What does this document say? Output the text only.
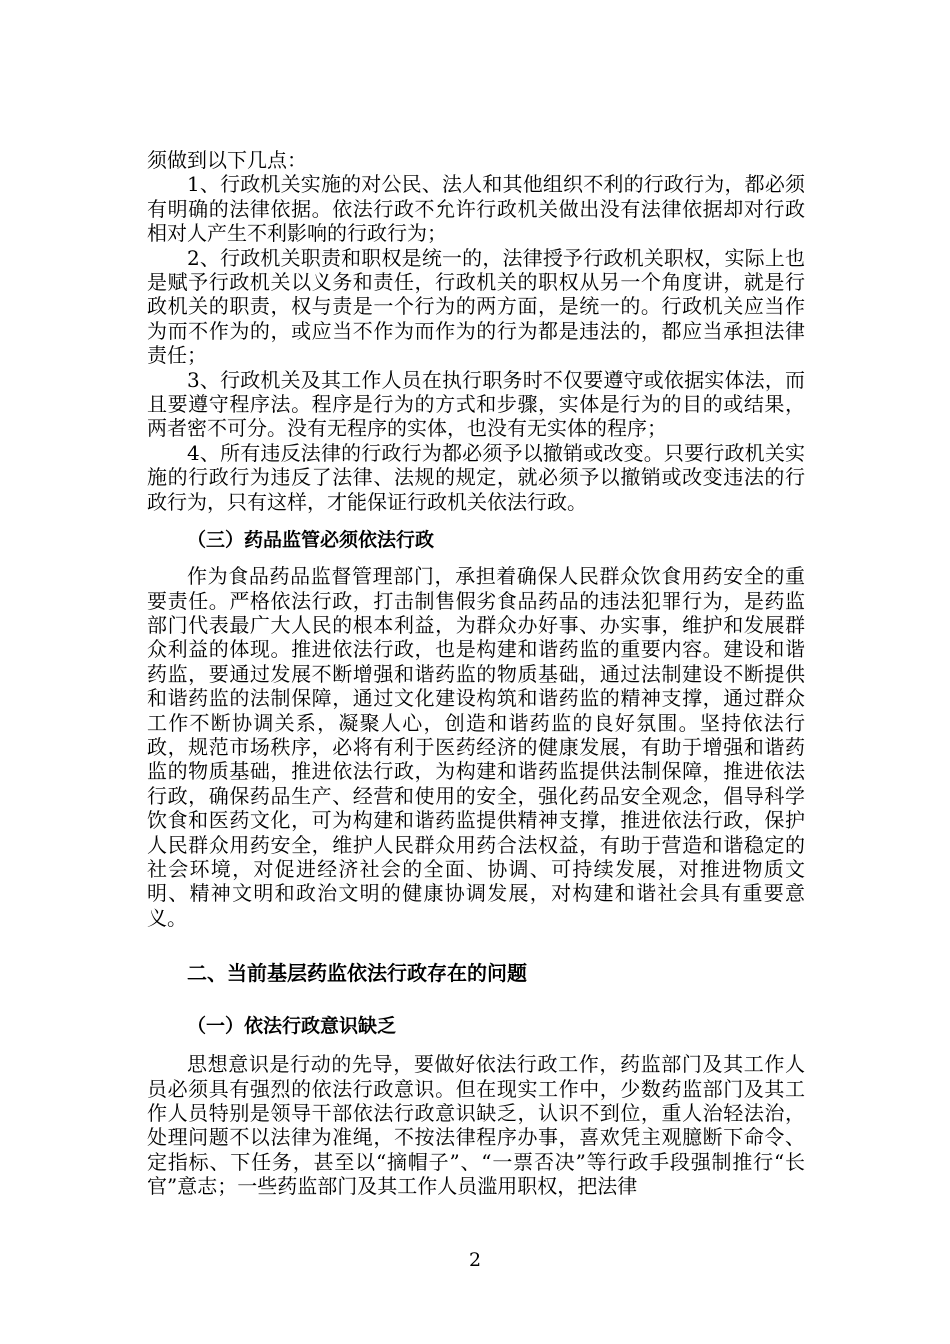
须做到以下几点：

1、行政机关实施的对公民、法人和其他组织不利的行政行为，都必须有明确的法律依据。依法行政不允许行政机关做出没有法律依据却对行政相对人产生不利影响的行政行为；

2、行政机关职责和职权是统一的，法律授予行政机关职权，实际上也是赋予行政机关以义务和责任，行政机关的职权从另一个角度讲，就是行政机关的职责，权与责是一个行为的两方面，是统一的。行政机关应当作为而不作为的，或应当不作为而作为的行为都是违法的，都应当承担法律责任；

3、行政机关及其工作人员在执行职务时不仅要遵守或依据实体法，而且要遵守程序法。程序是行为的方式和步骤，实体是行为的目的或结果，两者密不可分。没有无程序的实体，也没有无实体的程序；

4、所有违反法律的行政行为都必须予以撤销或改变。只要行政机关实施的行政行为违反了法律、法规的规定，就必须予以撤销或改变违法的行政行为，只有这样，才能保证行政机关依法行政。

（三）药品监管必须依法行政

作为食品药品监督管理部门，承担着确保人民群众饮食用药安全的重要责任。严格依法行政，打击制售假劣食品药品的违法犯罪行为，是药监部门代表最广大人民的根本利益，为群众办好事、办实事，维护和发展群众利益的体现。推进依法行政，也是构建和谐药监的重要内容。建设和谐药监，要通过发展不断增强和谐药监的物质基础，通过法制建设不断提供和谐药监的法制保障，通过文化建设构筑和谐药监的精神支撑，通过群众工作不断协调关系，凝聚人心，创造和谐药监的良好氛围。坚持依法行政，规范市场秩序，必将有利于医药经济的健康发展，有助于增强和谐药监的物质基础，推进依法行政，为构建和谐药监提供法制保障，推进依法行政，确保药品生产、经营和使用的安全，强化药品安全观念，倡导科学饮食和医药文化，可为构建和谐药监提供精神支撑，推进依法行政，保护人民群众用药安全，维护人民群众用药合法权益，有助于营造和谐稳定的社会环境，对促进经济社会的全面、协调、可持续发展，对推进物质文明、精神文明和政治文明的健康协调发展，对构建和谐社会具有重要意义。

二、当前基层药监依法行政存在的问题

（一）依法行政意识缺乏

思想意识是行动的先导，要做好依法行政工作，药监部门及其工作人员必须具有强烈的依法行政意识。但在现实工作中，少数药监部门及其工作人员特别是领导干部依法行政意识缺乏，认识不到位，重人治轻法治，处理问题不以法律为准绳，不按法律程序办事，喜欢凭主观臆断下命令、定指标、下任务，甚至以“摘帽子”、“一票否决”等行政手段强制推行“长官”意志；一些药监部门及其工作人员滥用职权，把法律

2
